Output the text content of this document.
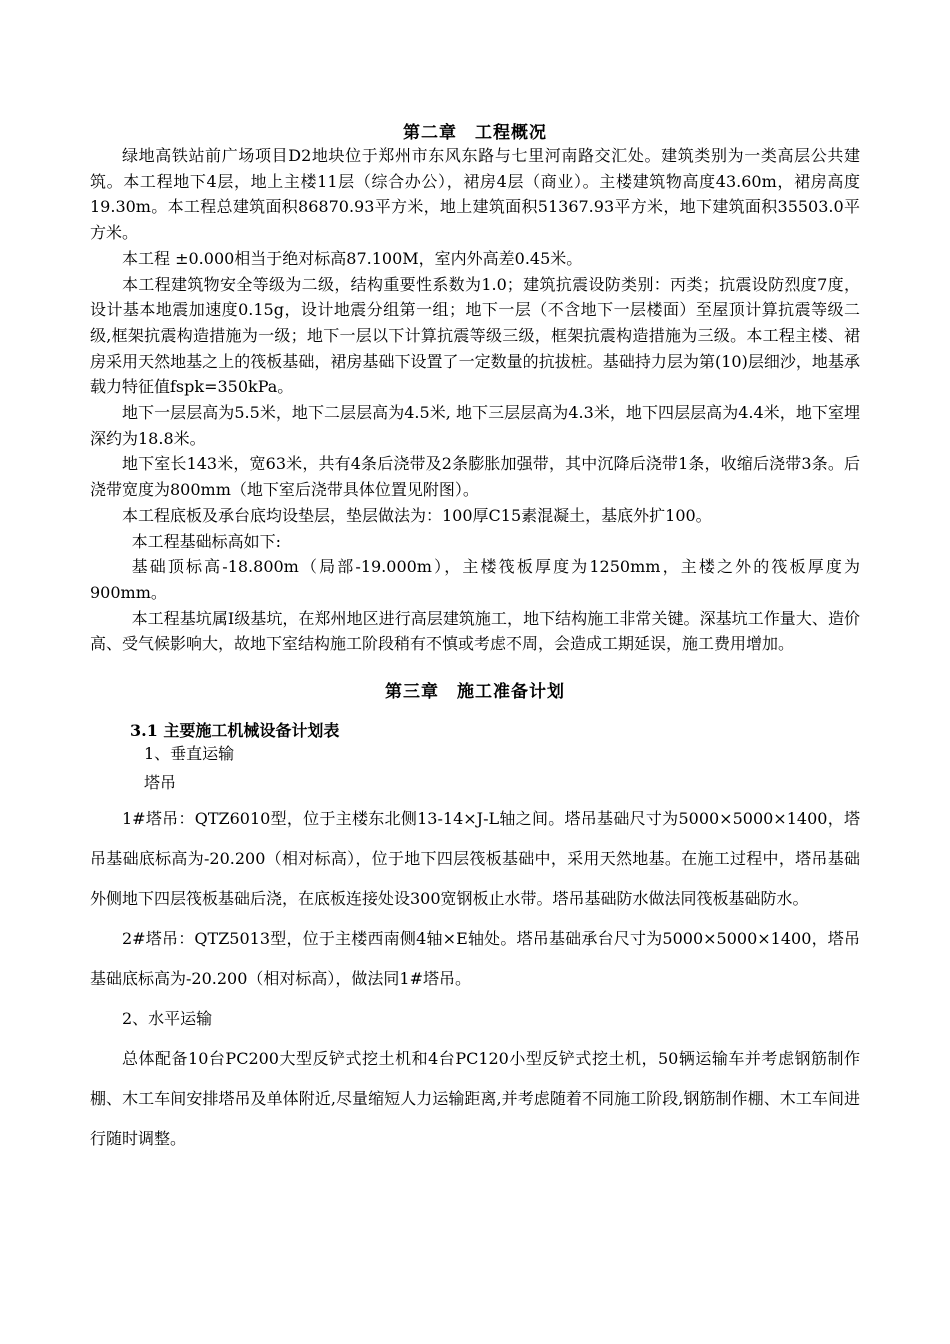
第二章　工程概况

绿地高铁站前广场项目D2地块位于郑州市东风东路与七里河南路交汇处。建筑类别为一类高层公共建筑。本工程地下4层，地上主楼11层（综合办公），裙房4层（商业）。主楼建筑物高度43.60m，裙房高度19.30m。本工程总建筑面积86870.93平方米，地上建筑面积51367.93平方米，地下建筑面积35503.0平方米。

本工程 ±0.000相当于绝对标高87.100M，室内外高差0.45米。

本工程建筑物安全等级为二级，结构重要性系数为1.0；建筑抗震设防类别：丙类；抗震设防烈度7度，设计基本地震加速度0.15g，设计地震分组第一组；地下一层（不含地下一层楼面）至屋顶计算抗震等级二级,框架抗震构造措施为一级；地下一层以下计算抗震等级三级，框架抗震构造措施为三级。本工程主楼、裙房采用天然地基之上的筏板基础，裙房基础下设置了一定数量的抗拔桩。基础持力层为第(10)层细沙，地基承载力特征值fspk=350kPa。

地下一层层高为5.5米，地下二层层高为4.5米, 地下三层层高为4.3米，地下四层层高为4.4米，地下室埋深约为18.8米。

地下室长143米，宽63米，共有4条后浇带及2条膨胀加强带，其中沉降后浇带1条，收缩后浇带3条。后浇带宽度为800mm（地下室后浇带具体位置见附图）。

本工程底板及承台底均设垫层，垫层做法为：100厚C15素混凝土，基底外扩100。

本工程基础标高如下:

基础顶标高-18.800m（局部-19.000m），主楼筏板厚度为1250mm，主楼之外的筏板厚度为900mm。

本工程基坑属Ⅰ级基坑，在郑州地区进行高层建筑施工，地下结构施工非常关键。深基坑工作量大、造价高、受气候影响大，故地下室结构施工阶段稍有不慎或考虑不周，会造成工期延误，施工费用增加。

第三章　施工准备计划

3.1 主要施工机械设备计划表

1、垂直运输

塔吊

1#塔吊：QTZ6010型，位于主楼东北侧13-14×J-L轴之间。塔吊基础尺寸为5000×5000×1400，塔吊基础底标高为-20.200（相对标高），位于地下四层筏板基础中，采用天然地基。在施工过程中，塔吊基础外侧地下四层筏板基础后浇，在底板连接处设300宽钢板止水带。塔吊基础防水做法同筏板基础防水。

2#塔吊：QTZ5013型，位于主楼西南侧4轴×E轴处。塔吊基础承台尺寸为5000×5000×1400，塔吊基础底标高为-20.200（相对标高），做法同1#塔吊。

2、水平运输

总体配备10台PC200大型反铲式挖土机和4台PC120小型反铲式挖土机，50辆运输车并考虑钢筋制作棚、木工车间安排塔吊及单体附近,尽量缩短人力运输距离,并考虑随着不同施工阶段,钢筋制作棚、木工车间进行随时调整。
